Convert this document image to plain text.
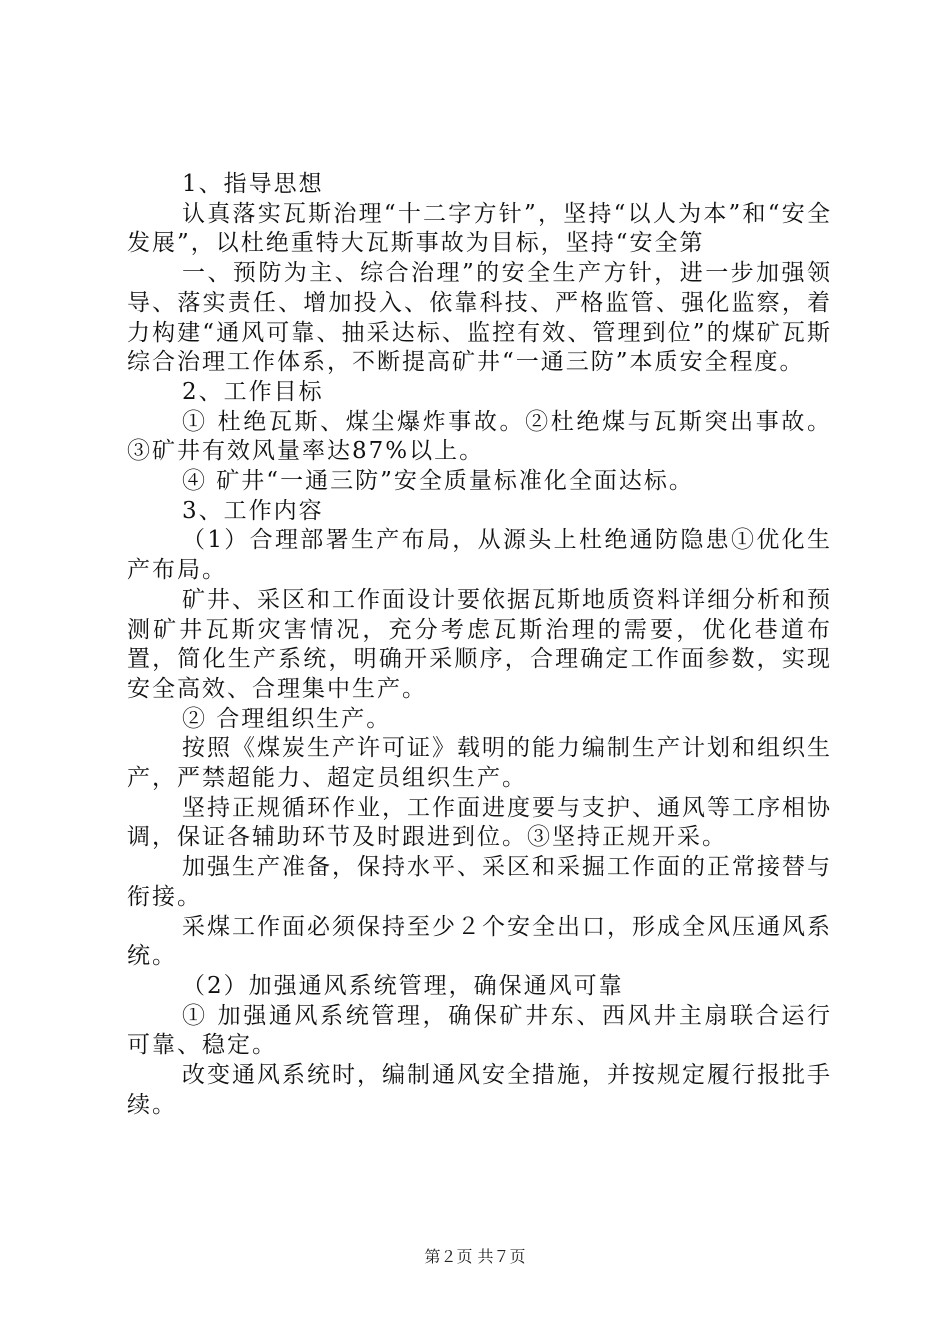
1、指导思想

认真落实瓦斯治理“十二字方针”，坚持“以人为本”和“安全发展”，以杜绝重特大瓦斯事故为目标，坚持“安全第

一、预防为主、综合治理”的安全生产方针，进一步加强领导、落实责任、增加投入、依靠科技、严格监管、强化监察，着力构建“通风可靠、抽采达标、监控有效、管理到位”的煤矿瓦斯综合治理工作体系，不断提高矿井“一通三防”本质安全程度。

2、工作目标

① 杜绝瓦斯、煤尘爆炸事故。②杜绝煤与瓦斯突出事故。③矿井有效风量率达87%以上。

④ 矿井“一通三防”安全质量标准化全面达标。

3、工作内容

（1）合理部署生产布局，从源头上杜绝通防隐患①优化生产布局。

矿井、采区和工作面设计要依据瓦斯地质资料详细分析和预测矿井瓦斯灾害情况，充分考虑瓦斯治理的需要，优化巷道布置，简化生产系统，明确开采顺序，合理确定工作面参数，实现安全高效、合理集中生产。

② 合理组织生产。

按照《煤炭生产许可证》载明的能力编制生产计划和组织生产，严禁超能力、超定员组织生产。

坚持正规循环作业，工作面进度要与支护、通风等工序相协调，保证各辅助环节及时跟进到位。③坚持正规开采。

加强生产准备，保持水平、采区和采掘工作面的正常接替与衔接。

采煤工作面必须保持至少２个安全出口，形成全风压通风系统。

（2）加强通风系统管理，确保通风可靠

① 加强通风系统管理，确保矿井东、西风井主扇联合运行可靠、稳定。

改变通风系统时，编制通风安全措施，并按规定履行报批手续。

第２页 共７页
